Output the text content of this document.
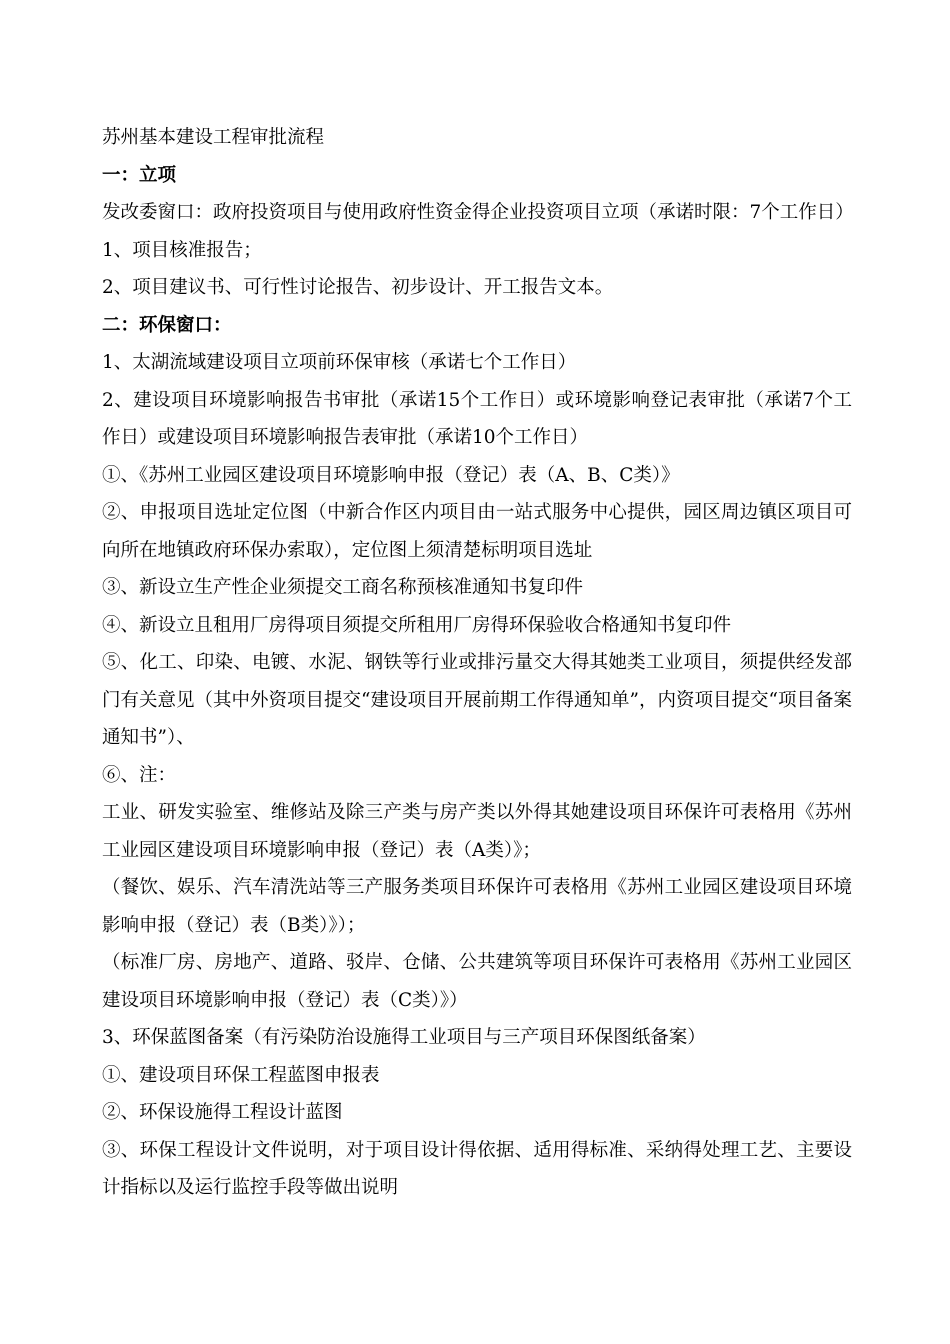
苏州基本建设工程审批流程

一：立项

发改委窗口：政府投资项目与使用政府性资金得企业投资项目立项（承诺时限：7个工作日）

1、项目核准报告；

2、项目建议书、可行性讨论报告、初步设计、开工报告文本。

二：环保窗口：

1、太湖流域建设项目立项前环保审核（承诺七个工作日）

2、建设项目环境影响报告书审批（承诺15个工作日）或环境影响登记表审批（承诺7个工作日）或建设项目环境影响报告表审批（承诺10个工作日）

①、《苏州工业园区建设项目环境影响申报（登记）表（A、B、C类）》

②、申报项目选址定位图（中新合作区内项目由一站式服务中心提供，园区周边镇区项目可向所在地镇政府环保办索取），定位图上须清楚标明项目选址

③、新设立生产性企业须提交工商名称预核准通知书复印件

④、新设立且租用厂房得项目须提交所租用厂房得环保验收合格通知书复印件

⑤、化工、印染、电镀、水泥、钢铁等行业或排污量交大得其她类工业项目，须提供经发部门有关意见（其中外资项目提交“建设项目开展前期工作得通知单”，内资项目提交“项目备案通知书”）、

⑥、注：

工业、研发实验室、维修站及除三产类与房产类以外得其她建设项目环保许可表格用《苏州工业园区建设项目环境影响申报（登记）表（A类）》；

（餐饮、娱乐、汽车清洗站等三产服务类项目环保许可表格用《苏州工业园区建设项目环境影响申报（登记）表（B类）》）；

（标准厂房、房地产、道路、驳岸、仓储、公共建筑等项目环保许可表格用《苏州工业园区建设项目环境影响申报（登记）表（C类）》）

3、环保蓝图备案（有污染防治设施得工业项目与三产项目环保图纸备案）

①、建设项目环保工程蓝图申报表

②、环保设施得工程设计蓝图

③、环保工程设计文件说明，对于项目设计得依据、适用得标准、采纳得处理工艺、主要设计指标以及运行监控手段等做出说明
